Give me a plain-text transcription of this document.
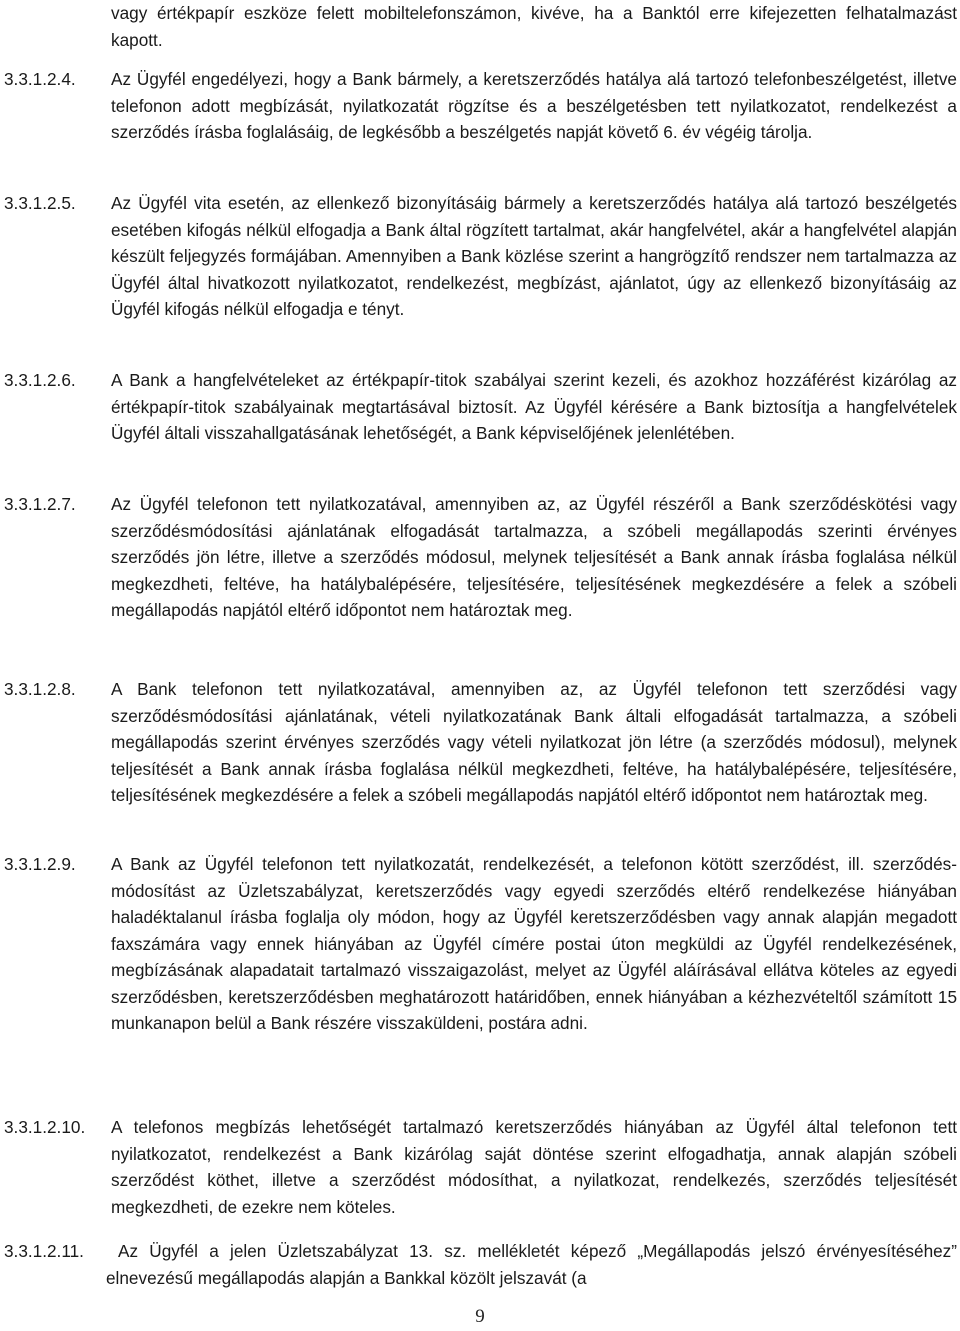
vagy értékpapír eszköze felett mobiltelefonszámon, kivéve, ha a Banktól erre kifejezetten felhatalmazást kapott.
3.3.1.2.4. Az Ügyfél engedélyezi, hogy a Bank bármely, a keretszerződés hatálya alá tartozó telefonbeszélgetést, illetve telefonon adott megbízását, nyilatkozatát rögzítse és a beszélgetésben tett nyilatkozatot, rendelkezést a szerződés írásba foglalásáig, de legkésőbb a beszélgetés napját követő 6. év végéig tárolja.
3.3.1.2.5. Az Ügyfél vita esetén, az ellenkező bizonyításáig bármely a keretszerződés hatálya alá tartozó beszélgetés esetében kifogás nélkül elfogadja a Bank által rögzített tartalmat, akár hangfelvétel, akár a hangfelvétel alapján készült feljegyzés formájában. Amennyiben a Bank közlése szerint a hangrögzítő rendszer nem tartalmazza az Ügyfél által hivatkozott nyilatkozatot, rendelkezést, megbízást, ajánlatot, úgy az ellenkező bizonyításáig az Ügyfél kifogás nélkül elfogadja e tényt.
3.3.1.2.6. A Bank a hangfelvételeket az értékpapír-titok szabályai szerint kezeli, és azokhoz hozzáférést kizárólag az értékpapír-titok szabályainak megtartásával biztosít. Az Ügyfél kérésére a Bank biztosítja a hangfelvételek Ügyfél általi visszahallgatásának lehetőségét, a Bank képviselőjének jelenlétében.
3.3.1.2.7. Az Ügyfél telefonon tett nyilatkozatával, amennyiben az, az Ügyfél részéről a Bank szerződéskötési vagy szerződésmódosítási ajánlatának elfogadását tartalmazza, a szóbeli megállapodás szerinti érvényes szerződés jön létre, illetve a szerződés módosul, melynek teljesítését a Bank annak írásba foglalása nélkül megkezdheti, feltéve, ha hatálybalépésére, teljesítésére, teljesítésének megkezdésére a felek a szóbeli megállapodás napjától eltérő időpontot nem határoztak meg.
3.3.1.2.8. A Bank telefonon tett nyilatkozatával, amennyiben az, az Ügyfél telefonon tett szerződési vagy szerződésmódosítási ajánlatának, vételi nyilatkozatának Bank általi elfogadását tartalmazza, a szóbeli megállapodás szerint érvényes szerződés vagy vételi nyilatkozat jön létre (a szerződés módosul), melynek teljesítését a Bank annak írásba foglalása nélkül megkezdheti, feltéve, ha hatálybalépésére, teljesítésére, teljesítésének megkezdésére a felek a szóbeli megállapodás napjától eltérő időpontot nem határoztak meg.
3.3.1.2.9. A Bank az Ügyfél telefonon tett nyilatkozatát, rendelkezését, a telefonon kötött szerződést, ill. szerződés-módosítást az Üzletszabályzat, keretszerződés vagy egyedi szerződés eltérő rendelkezése hiányában haladéktalanul írásba foglalja oly módon, hogy az Ügyfél keretszerződésben vagy annak alapján megadott faxszámára vagy ennek hiányában az Ügyfél címére postai úton megküldi az Ügyfél rendelkezésének, megbízásának alapadatait tartalmazó visszaigazolást, melyet az Ügyfél aláírásával ellátva köteles az egyedi szerződésben, keretszerződésben meghatározott határidőben, ennek hiányában a kézhezvételtől számított 15 munkanapon belül a Bank részére visszaküldeni, postára adni.
3.3.1.2.10. A telefonos megbízás lehetőségét tartalmazó keretszerződés hiányában az Ügyfél által telefonon tett nyilatkozatot, rendelkezést a Bank kizárólag saját döntése szerint elfogadhatja, annak alapján szóbeli szerződést köthet, illetve a szerződést módosíthat, a nyilatkozat, rendelkezés, szerződés teljesítését megkezdheti, de ezekre nem köteles.
3.3.1.2.11.	Az Ügyfél a jelen Üzletszabályzat 13. sz. mellékletét képező „Megállapodás jelszó érvényesítéséhez” elnevezésű megállapodás alapján a Bankkal közölt jelszavát (a
9
